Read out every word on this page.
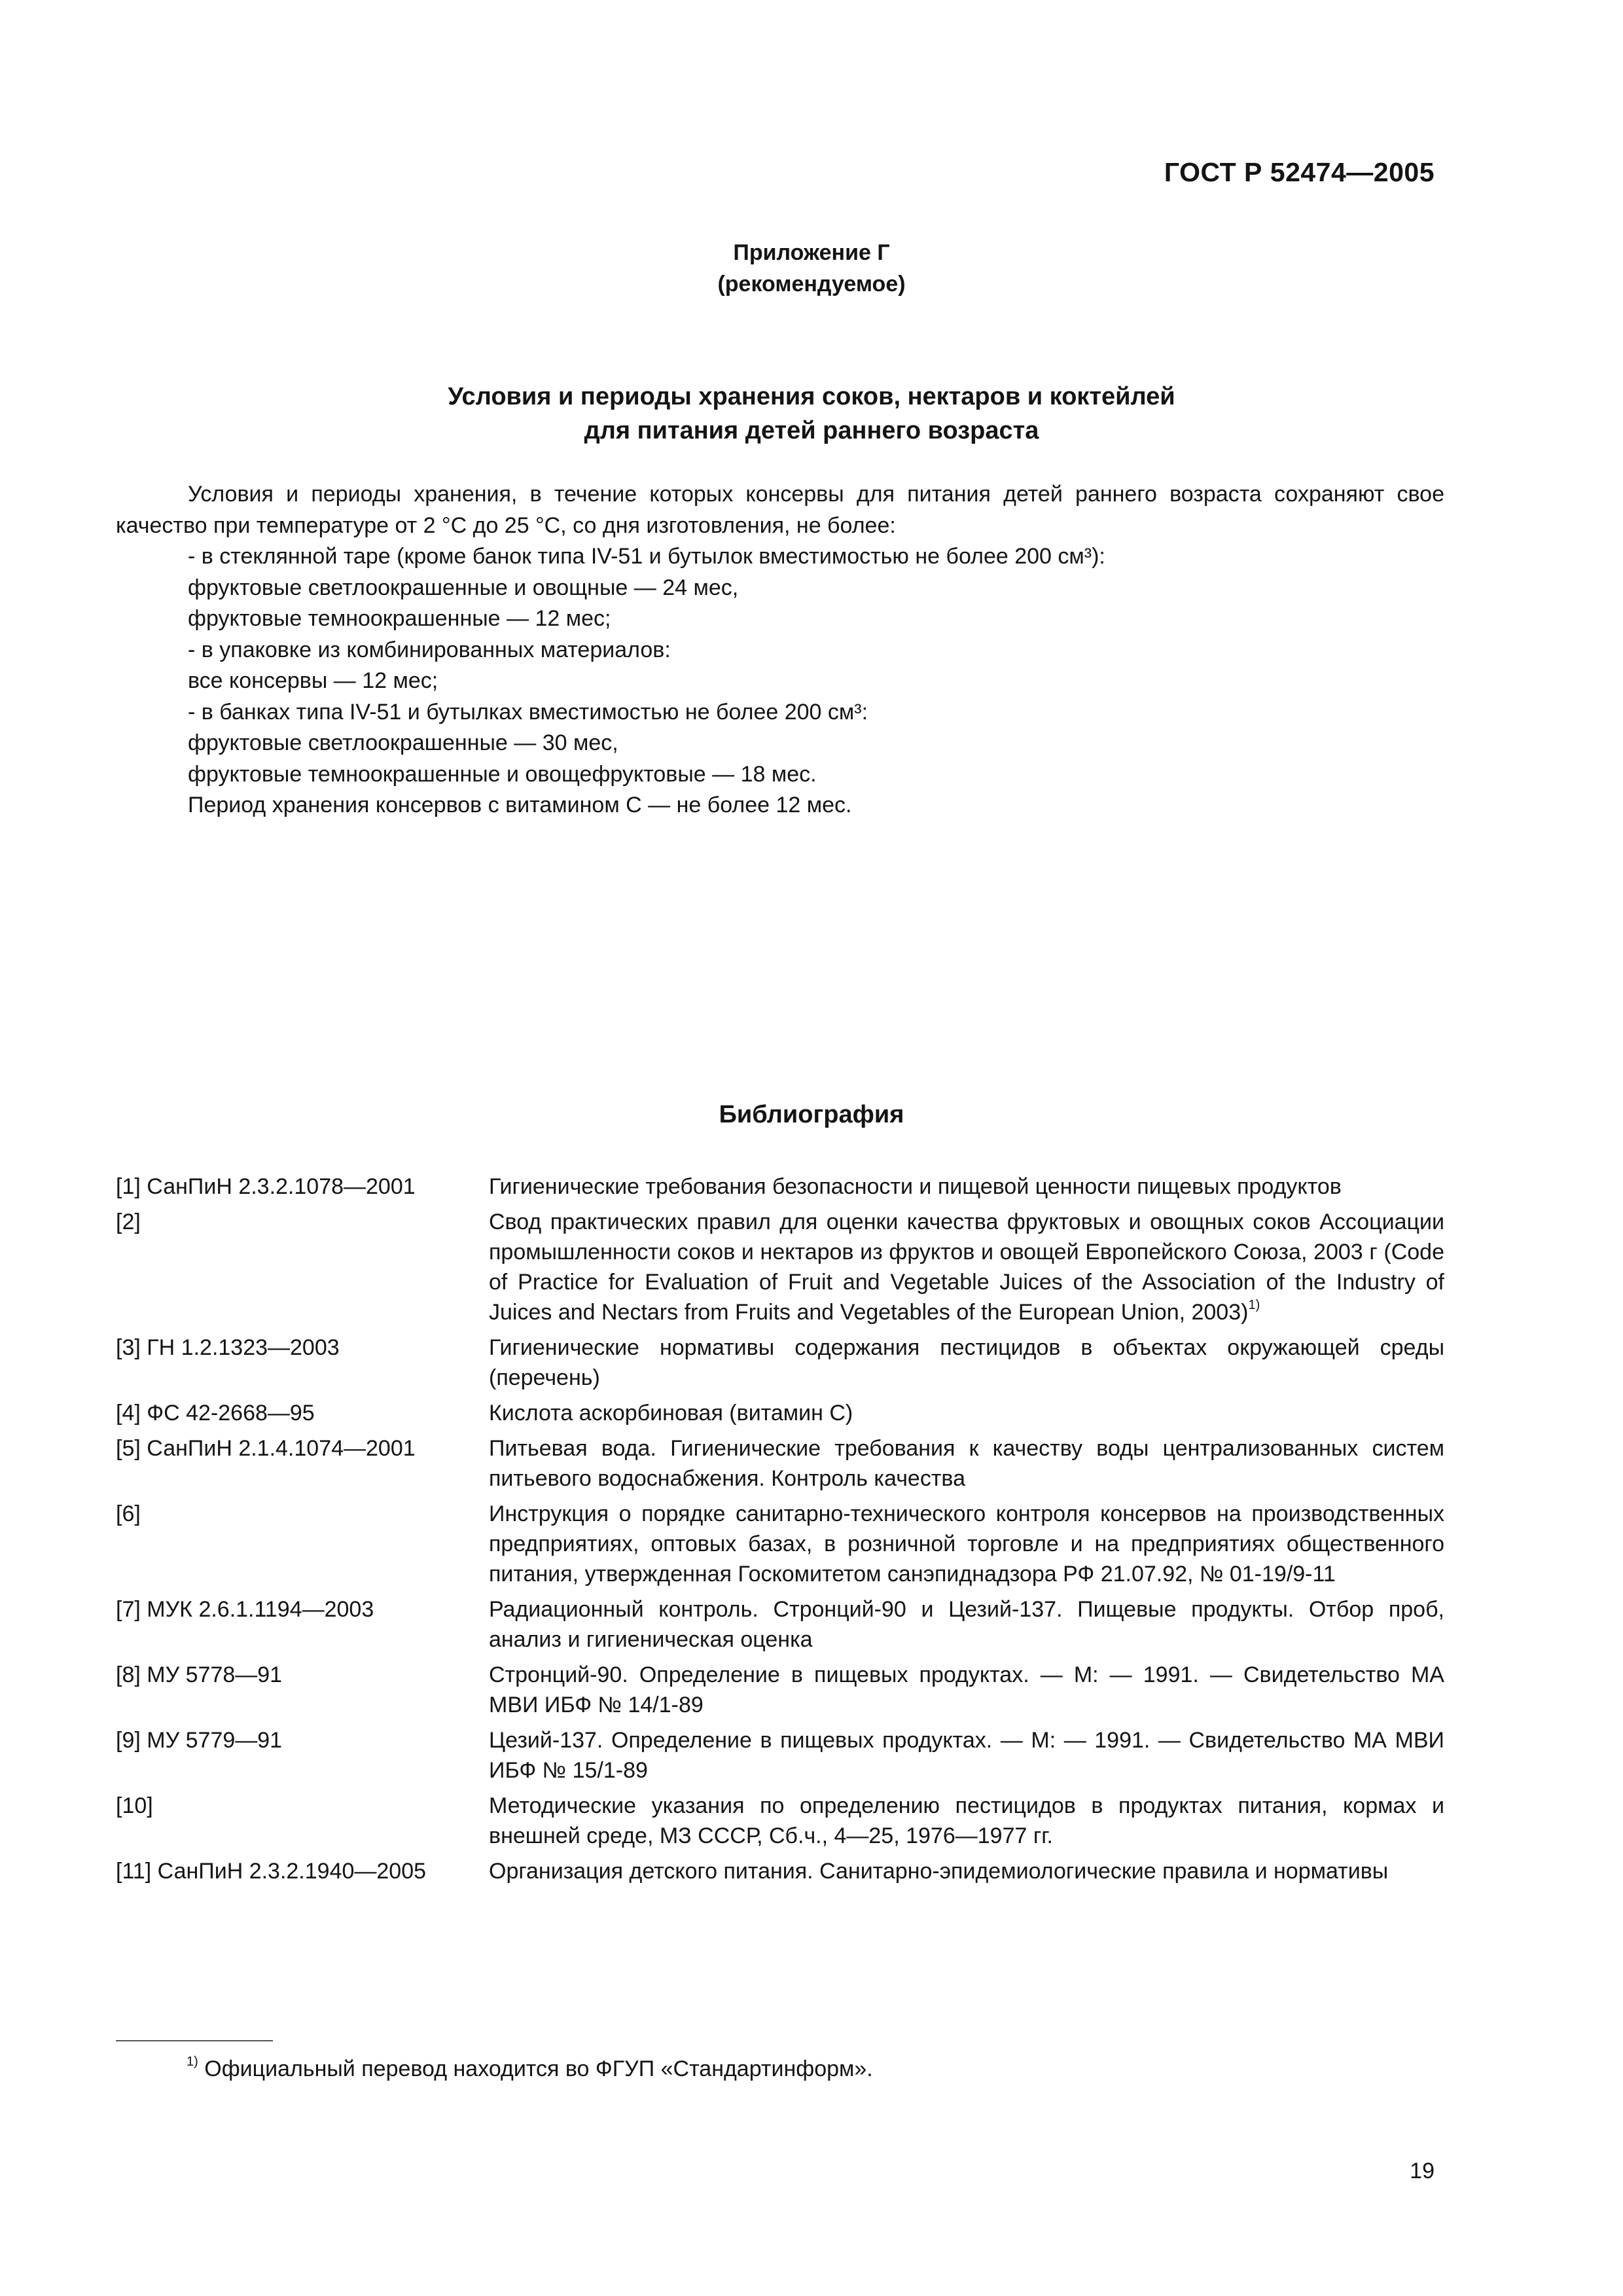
ГОСТ Р 52474—2005
Приложение Г
(рекомендуемое)
Условия и периоды хранения соков, нектаров и коктейлей
для питания детей раннего возраста

Условия и периоды хранения, в течение которых консервы для питания детей раннего возраста сохраняют свое качество при температуре от 2 °С до 25 °С, со дня изготовления, не более:

- в стеклянной таре (кроме банок типа IV-51 и бутылок вместимостью не более 200 см³):

фруктовые светлоокрашенные и овощные — 24 мес,

фруктовые темноокрашенные — 12 мес;

- в упаковке из комбинированных материалов:

все консервы — 12 мес;

- в банках типа IV-51 и бутылках вместимостью не более 200 см³:

фруктовые светлоокрашенные — 30 мес,

фруктовые темноокрашенные и овощефруктовые — 18 мес.

Период хранения консервов с витамином С — не более 12 мес.

Библиография
[1] СанПиН 2.3.2.1078—2001	Гигиенические требования безопасности и пищевой ценности пищевых продуктов
[2]	Свод практических правил для оценки качества фруктовых и овощных соков Ассоциации промышленности соков и нектаров из фруктов и овощей Европейского Союза, 2003 г (Code of Practice for Evaluation of Fruit and Vegetable Juices of the Association of the Industry of Juices and Nectars from Fruits and Vegetables of the European Union, 2003)$^{1)}$
[3] ГН 1.2.1323—2003	Гигиенические нормативы содержания пестицидов в объектах окружающей среды (перечень)
[4] ФС 42-2668—95	Кислота аскорбиновая (витамин С)
[5] СанПиН 2.1.4.1074—2001	Питьевая вода. Гигиенические требования к качеству воды централизованных систем питьевого водоснабжения. Контроль качества
[6]	Инструкция о порядке санитарно-технического контроля консервов на производственных предприятиях, оптовых базах, в розничной торговле и на предприятиях общественного питания, утвержденная Госкомитетом санэпиднадзора РФ 21.07.92, № 01-19/9-11
[7] МУК 2.6.1.1194—2003	Радиационный контроль. Стронций-90 и Цезий-137. Пищевые продукты. Отбор проб, анализ и гигиеническая оценка
[8] МУ 5778—91	Стронций-90. Определение в пищевых продуктах. — М: — 1991. — Свидетельство МА МВИ ИБФ № 14/1-89
[9] МУ 5779—91	Цезий-137. Определение в пищевых продуктах. — М: — 1991. — Свидетельство МА МВИ ИБФ № 15/1-89
[10]	Методические указания по определению пестицидов в продуктах питания, кормах и внешней среде, МЗ СССР, Сб.ч., 4—25, 1976—1977 гг.
[11] СанПиН 2.3.2.1940—2005	Организация детского питания. Санитарно-эпидемиологические правила и нормативы
$^{1)}$ Официальный перевод находится во ФГУП «Стандартинформ».
19
